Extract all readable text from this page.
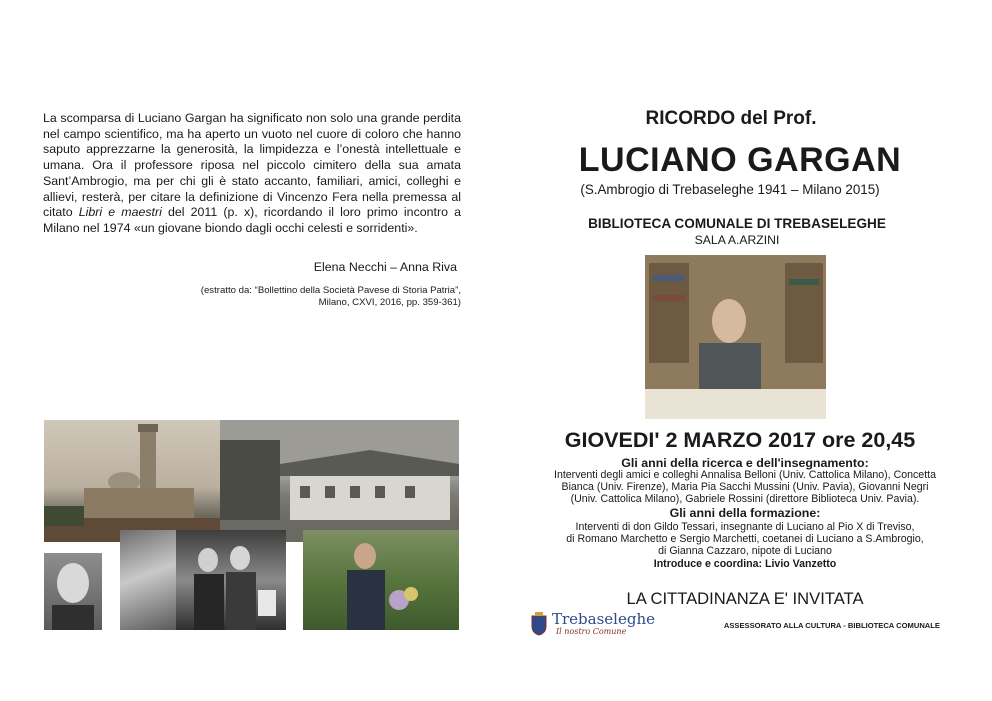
La scomparsa di Luciano Gargan ha significato non solo una grande perdita nel campo scientifico, ma ha aperto un vuoto nel cuore di coloro che hanno saputo apprezzarne la generosità, la limpidezza e l’onestà intellettuale e umana. Ora il professore riposa nel piccolo cimitero della sua amata Sant’Ambrogio, ma per chi gli è stato accanto, familiari, amici, colleghi e allievi, resterà, per citare la definizione di Vincenzo Fera nella premessa al citato Libri e maestri del 2011 (p. x), ricordando il loro primo incontro a Milano nel 1974 «un giovane biondo dagli occhi celesti e sorridenti».
Elena Necchi – Anna Riva
(estratto da: “Bollettino della Società Pavese di Storia Patria”,
Milano, CXVI, 2016, pp. 359-361)
RICORDO del Prof.
LUCIANO GARGAN
(S.Ambrogio di Trebaseleghe 1941 – Milano 2015)
BIBLIOTECA COMUNALE DI TREBASELEGHE
SALA A.ARZINI
GIOVEDI' 2 MARZO 2017 ore 20,45
Gli anni della ricerca e dell'insegnamento:
Interventi degli amici e colleghi Annalisa Belloni (Univ. Cattolica Milano), Concetta
Bianca (Univ. Firenze), Maria Pia Sacchi Mussini (Univ. Pavia), Giovanni Negri
(Univ. Cattolica Milano), Gabriele Rossini (direttore Biblioteca Univ. Pavia).
Gli anni della formazione:
Interventi di don Gildo Tessari, insegnante di Luciano al Pio X di Treviso,
di Romano Marchetto e Sergio Marchetti, coetanei di Luciano a S.Ambrogio,
di Gianna Cazzaro, nipote di Luciano
Introduce e coordina: Livio Vanzetto
LA CITTADINANZA E' INVITATA
Trebaseleghe
Il nostro Comune
ASSESSORATO ALLA CULTURA - BIBLIOTECA COMUNALE
